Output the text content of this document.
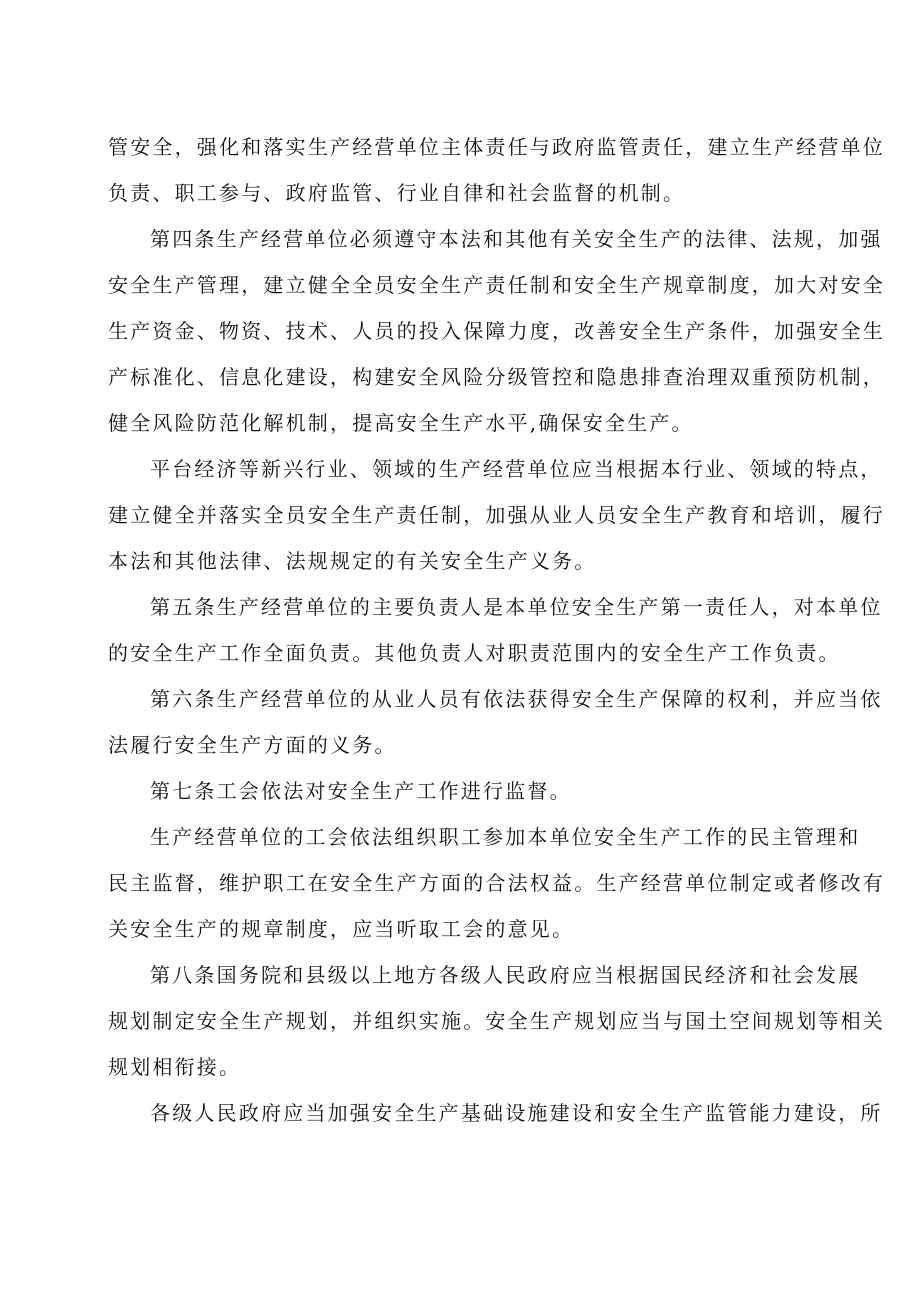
管安全，强化和落实生产经营单位主体责任与政府监管责任，建立生产经营单位
负责、职工参与、政府监管、行业自律和社会监督的机制。
第四条生产经营单位必须遵守本法和其他有关安全生产的法律、法规，加强
安全生产管理，建立健全全员安全生产责任制和安全生产规章制度，加大对安全
生产资金、物资、技术、人员的投入保障力度，改善安全生产条件，加强安全生
产标准化、信息化建设，构建安全风险分级管控和隐患排查治理双重预防机制，
健全风险防范化解机制，提高安全生产水平,确保安全生产。
平台经济等新兴行业、领域的生产经营单位应当根据本行业、领域的特点，
建立健全并落实全员安全生产责任制，加强从业人员安全生产教育和培训，履行
本法和其他法律、法规规定的有关安全生产义务。
第五条生产经营单位的主要负责人是本单位安全生产第一责任人，对本单位
的安全生产工作全面负责。其他负责人对职责范围内的安全生产工作负责。
第六条生产经营单位的从业人员有依法获得安全生产保障的权利，并应当依
法履行安全生产方面的义务。
第七条工会依法对安全生产工作进行监督。
生产经营单位的工会依法组织职工参加本单位安全生产工作的民主管理和
民主监督，维护职工在安全生产方面的合法权益。生产经营单位制定或者修改有
关安全生产的规章制度，应当听取工会的意见。
第八条国务院和县级以上地方各级人民政府应当根据国民经济和社会发展
规划制定安全生产规划，并组织实施。安全生产规划应当与国土空间规划等相关
规划相衔接。
各级人民政府应当加强安全生产基础设施建设和安全生产监管能力建设，所
